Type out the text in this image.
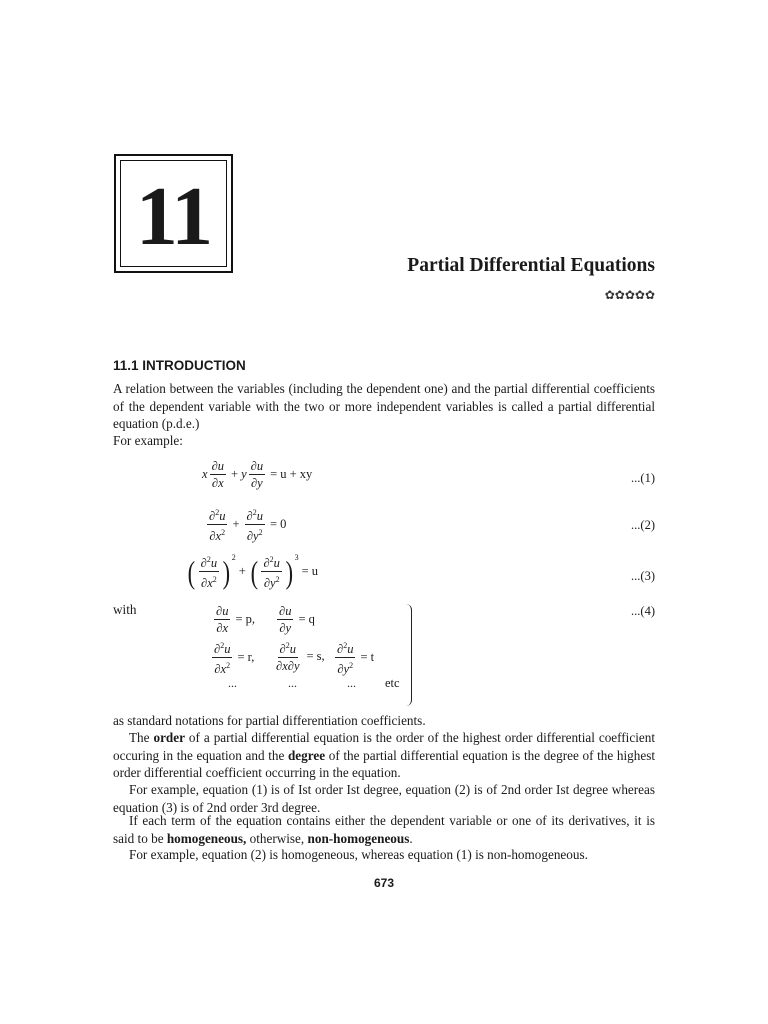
11
Partial Differential Equations
✿✿✿✿✿
11.1 INTRODUCTION
A relation between the variables (including the dependent one) and the partial differential coefficients of the dependent variable with the two or more independent variables is called a partial differential equation (p.d.e.)
For example:
x $\frac{\partial u}{\partial x} + y \frac{\partial u}{\partial y} = u$ + xy	...(1)
$\frac{\partial^2u}{\partial x^2} + \frac{\partial^2u}{\partial y^2} = 0$	...(2)
( $\frac{\partial^2u}{\partial x^2} )^2$
+ ( $\frac{\partial^2u}{\partial y^2} )^3$
= u	...(3)
with	...(4)
$\frac{\partial u}{\partial x} = p$, $\frac{\partial u}{\partial y} = q$
$\frac{\partial^2u}{\partial x^2} = r$, $\frac{\partial^2u}{\partial x\partial y} = s$, $\frac{\partial^2u}{\partial y^2} = t$
...	...	... etc
as standard notations for partial differentiation coefficients.
The order of a partial differential equation is the order of the highest order differential coefficient occuring in the equation and the degree of the partial differential equation is the degree of the highest order differential coefficient occurring in the equation.
For example, equation (1) is of Ist order Ist degree, equation (2) is of 2nd order Ist degree whereas equation (3) is of 2nd order 3rd degree.
If each term of the equation contains either the dependent variable or one of its derivatives, it is said to be homogeneous, otherwise, non-homogeneous.
For example, equation (2) is homogeneous, whereas equation (1) is non-homogeneous.
673
